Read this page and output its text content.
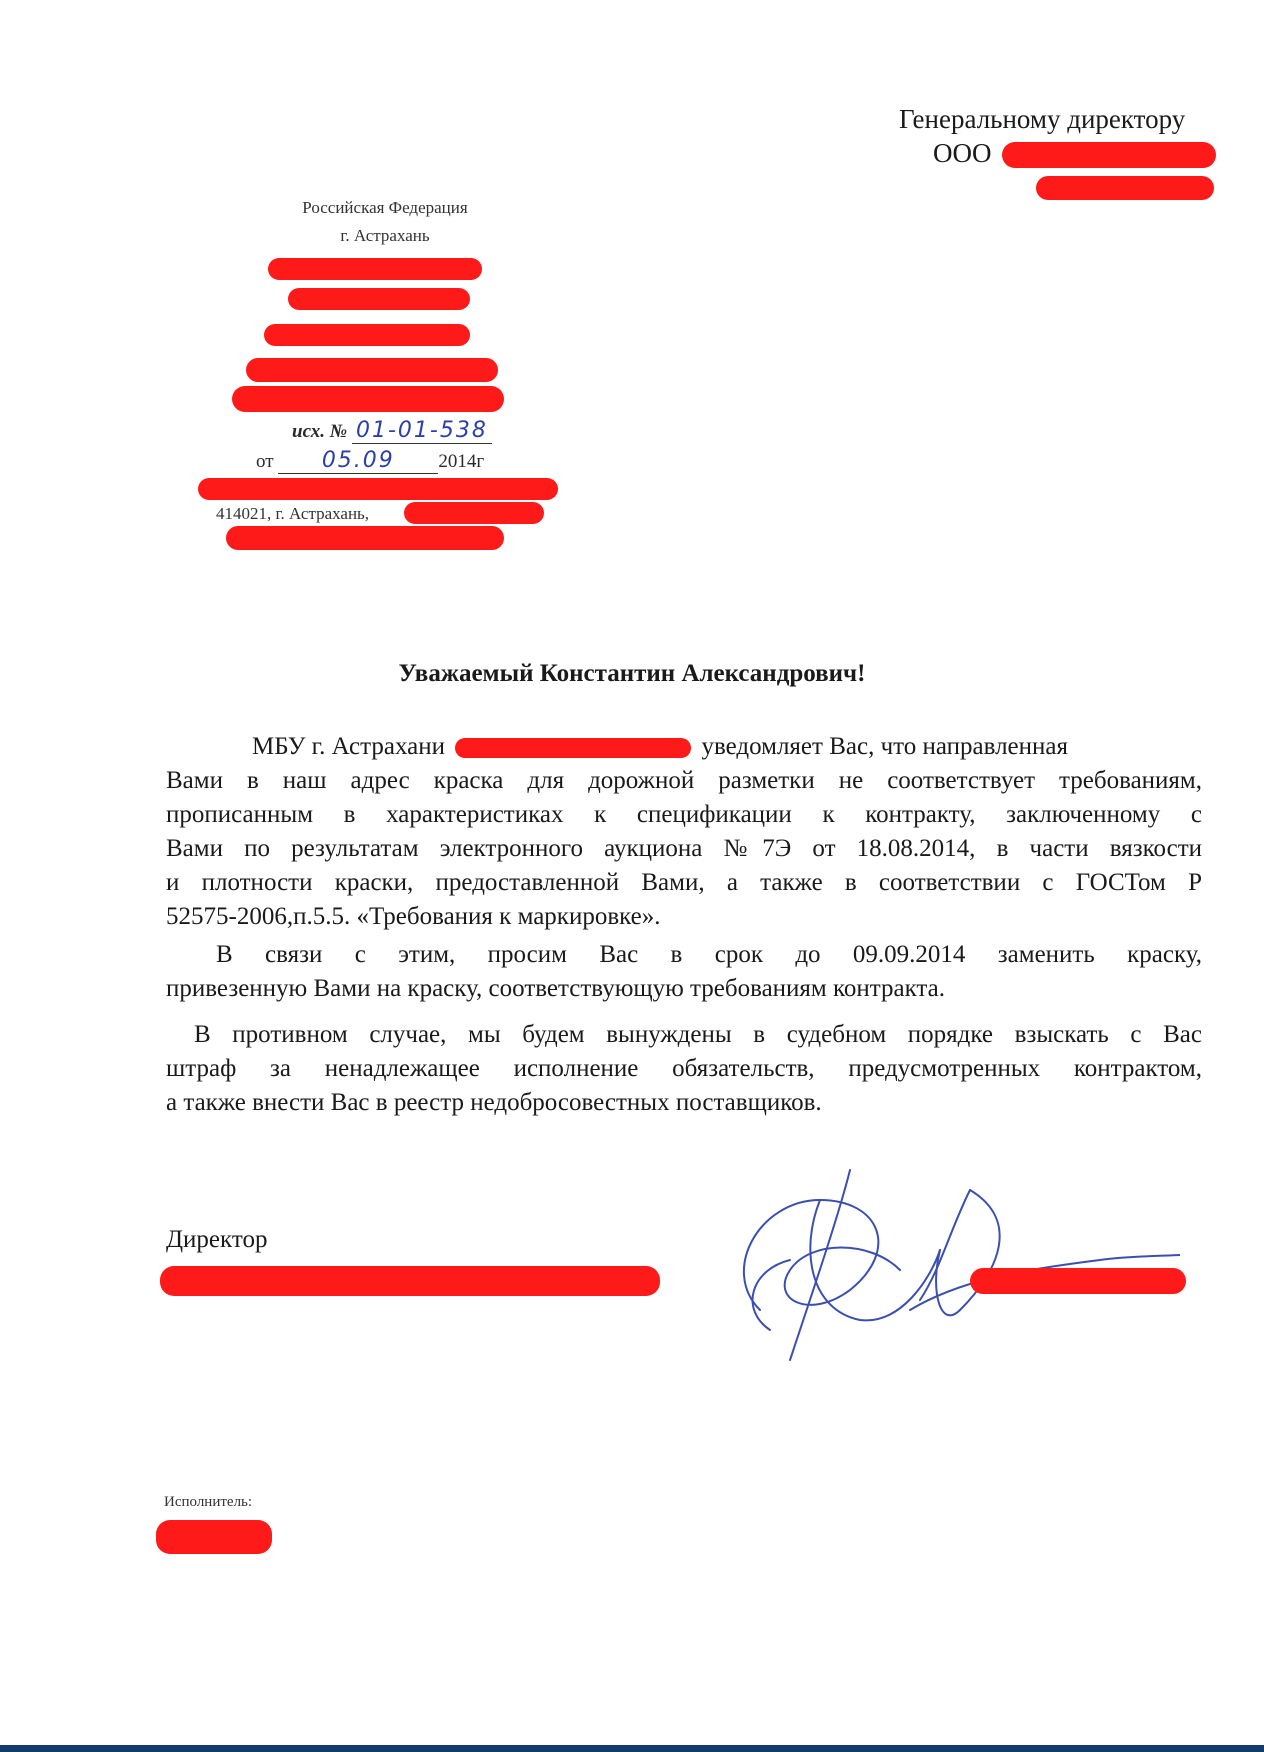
Генеральному директору
ООО
Российская Федерация
г. Астрахань
исх. № 01-01-538
от 05.09 2014г
414021, г. Астрахань,
Уважаемый Константин Александрович!
МБУ г. Астрахани	уведомляет Вас, что направленная
Вами в наш адрес краска для дорожной разметки не соответствует требованиям,
прописанным в характеристиках к спецификации к контракту, заключенному с
Вами по результатам электронного аукциона №7Э от 18.08.2014, в части вязкости
и плотности краски, предоставленной Вами, а также в соответствии с ГОСТом Р
52575-2006,п.5.5. «Требования к маркировке».
В связи с этим, просим Вас в срок до 09.09.2014 заменить краску,
привезенную Вами на краску, соответствующую требованиям контракта.
В противном случае, мы будем вынуждены в судебном порядке взыскать с Вас
штраф за ненадлежащее исполнение обязательств, предусмотренных контрактом,
а также внести Вас в реестр недобросовестных поставщиков.
Директор
Исполнитель:
